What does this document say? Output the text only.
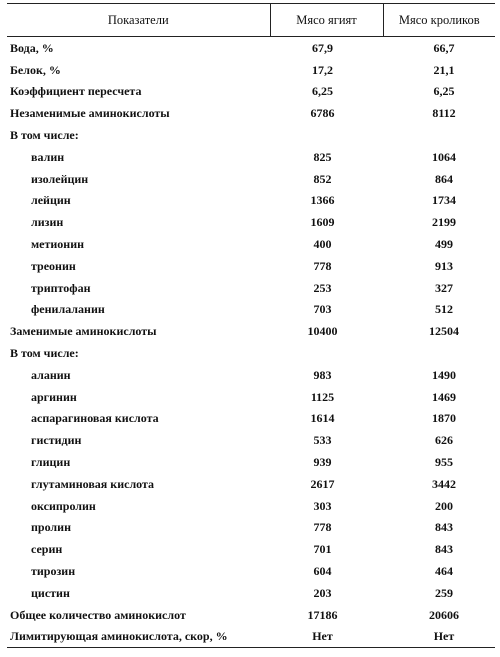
Показатели	Мясо ягият	Мясо кроликов
Вода, %	67,9	66,7
Белок, %	17,2	21,1
Коэффициент пересчета	6,25	6,25
Незаменимые аминокислоты	6786	8112
В том числе:		
валин	825	1064
изолейцин	852	864
лейцин	1366	1734
лизин	1609	2199
метионин	400	499
треонин	778	913
триптофан	253	327
фенилаланин	703	512
Заменимые аминокислоты	10400	12504
В том числе:		
аланин	983	1490
аргинин	1125	1469
аспарагиновая кислота	1614	1870
гистидин	533	626
глицин	939	955
глутаминовая кислота	2617	3442
оксипролин	303	200
пролин	778	843
серин	701	843
тирозин	604	464
цистин	203	259
Общее количество аминокислот	17186	20606
Лимитирующая аминокислота, скор, %	Нет	Нет
